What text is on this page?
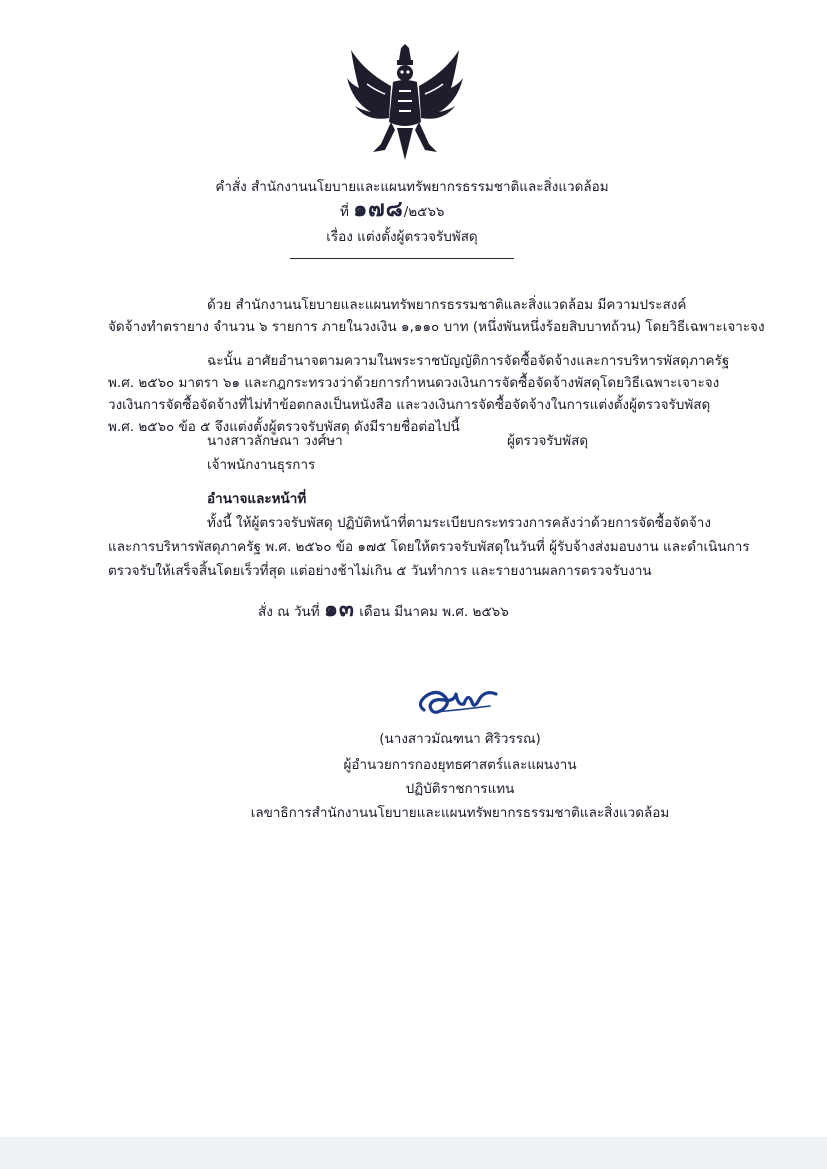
คำสั่ง สำนักงานนโยบายและแผนทรัพยากรธรรมชาติและสิ่งแวดล้อม
ที่ ๑๗๘/๒๕๖๖
เรื่อง แต่งตั้งผู้ตรวจรับพัสดุ
ด้วย สำนักงานนโยบายและแผนทรัพยากรธรรมชาติและสิ่งแวดล้อม มีความประสงค์
จัดจ้างทำตรายาง จำนวน ๖ รายการ ภายในวงเงิน ๑,๑๑๐ บาท (หนึ่งพันหนึ่งร้อยสิบบาทถ้วน) โดยวิธีเฉพาะเจาะจง
ฉะนั้น อาศัยอำนาจตามความในพระราชบัญญัติการจัดซื้อจัดจ้างและการบริหารพัสดุภาครัฐ
พ.ศ. ๒๕๖๐ มาตรา ๖๑ และกฎกระทรวงว่าด้วยการกำหนดวงเงินการจัดซื้อจัดจ้างพัสดุโดยวิธีเฉพาะเจาะจง
วงเงินการจัดซื้อจัดจ้างที่ไม่ทำข้อตกลงเป็นหนังสือ และวงเงินการจัดซื้อจัดจ้างในการแต่งตั้งผู้ตรวจรับพัสดุ
พ.ศ. ๒๕๖๐ ข้อ ๕ จึงแต่งตั้งผู้ตรวจรับพัสดุ ดังมีรายชื่อต่อไปนี้
นางสาวลักษณา วงศ์ษา	ผู้ตรวจรับพัสดุ
เจ้าพนักงานธุรการ
อำนาจและหน้าที่
ทั้งนี้ ให้ผู้ตรวจรับพัสดุ ปฏิบัติหน้าที่ตามระเบียบกระทรวงการคลังว่าด้วยการจัดซื้อจัดจ้าง
และการบริหารพัสดุภาครัฐ พ.ศ. ๒๕๖๐ ข้อ ๑๗๕ โดยให้ตรวจรับพัสดุในวันที่ ผู้รับจ้างส่งมอบงาน และดำเนินการ
ตรวจรับให้เสร็จสิ้นโดยเร็วที่สุด แต่อย่างช้าไม่เกิน ๕ วันทำการ และรายงานผลการตรวจรับงาน
สั่ง ณ วันที่ ๑๓ เดือน มีนาคม พ.ศ. ๒๕๖๖
(นางสาวมัณฑนา ศิริวรรณ)
ผู้อำนวยการกองยุทธศาสตร์และแผนงาน
ปฏิบัติราชการแทน
เลขาธิการสำนักงานนโยบายและแผนทรัพยากรธรรมชาติและสิ่งแวดล้อม
